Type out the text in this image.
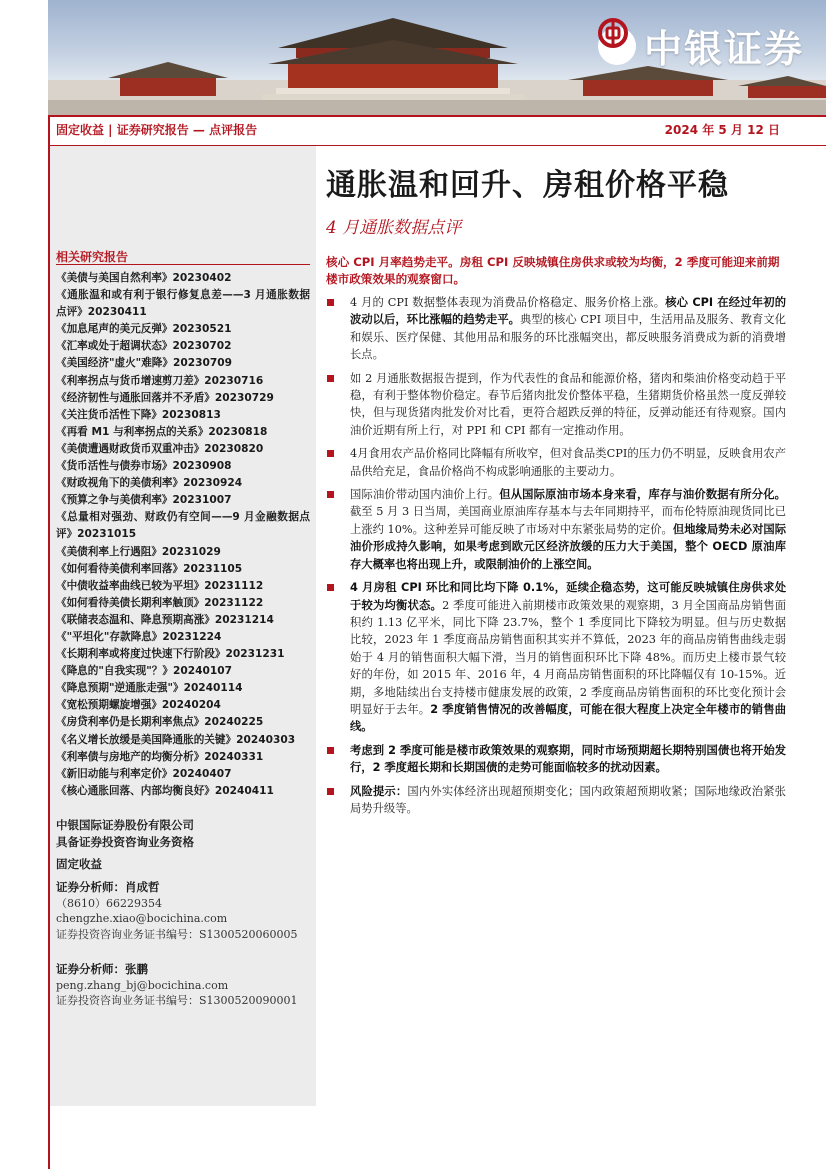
中银证券
固定收益 | 证券研究报告 — 点评报告	2024 年 5 月 12 日
相关研究报告
《美债与美国自然利率》20230402
《通胀温和或有利于银行修复息差——3 月通胀数据点评》20230411
《加息尾声的美元反弹》20230521
《汇率或处于超调状态》20230702
《美国经济"虚火"难降》20230709
《利率拐点与货币增速剪刀差》20230716
《经济韧性与通胀回落并不矛盾》20230729
《关注货币活性下降》20230813
《再看 M1 与利率拐点的关系》20230818
《美债遭遇财政货币双重冲击》20230820
《货币活性与债券市场》20230908
《财政视角下的美债利率》20230924
《预算之争与美债利率》20231007
《总量相对强劲、财政仍有空间——9 月金融数据点评》20231015
《美债利率上行遇阻》20231029
《如何看待美债利率回落》20231105
《中债收益率曲线已较为平坦》20231112
《如何看待美债长期利率触顶》20231122
《联储表态温和、降息预期高涨》20231214
《"平坦化"存款降息》20231224
《长期利率或将度过快速下行阶段》20231231
《降息的"自我实现"？》20240107
《降息预期"逆通胀走强"》20240114
《宽松预期螺旋增强》20240204
《房贷利率仍是长期利率焦点》20240225
《名义增长放缓是美国降通胀的关键》20240303
《利率债与房地产的均衡分析》20240331
《新旧动能与利率定价》20240407
《核心通胀回落、内部均衡良好》20240411
中银国际证券股份有限公司
具备证券投资咨询业务资格
固定收益
证券分析师：肖成哲
（8610）66229354
chengzhe.xiao@bocichina.com
证券投资咨询业务证书编号：S1300520060005
证券分析师：张鹏
peng.zhang_bj@bocichina.com
证券投资咨询业务证书编号：S1300520090001
通胀温和回升、房租价格平稳
4 月通胀数据点评
核心 CPI 月率趋势走平。房租 CPI 反映城镇住房供求或较为均衡，2 季度可能迎来前期楼市政策效果的观察窗口。
4 月的 CPI 数据整体表现为消费品价格稳定、服务价格上涨。核心 CPI 在经过年初的波动以后，环比涨幅的趋势走平。典型的核心 CPI 项目中，生活用品及服务、教育文化和娱乐、医疗保健、其他用品和服务的环比涨幅突出，都反映服务消费成为新的消费增长点。
如 2 月通胀数据报告提到，作为代表性的食品和能源价格，猪肉和柴油价格变动趋于平稳，有利于整体物价稳定。春节后猪肉批发价整体平稳，生猪期货价格虽然一度反弹较快，但与现货猪肉批发价对比看，更符合超跌反弹的特征，反弹动能还有待观察。国内油价近期有所上行，对 PPI 和 CPI 都有一定推动作用。
4月食用农产品价格同比降幅有所收窄，但对食品类CPI的压力仍不明显，反映食用农产品供给充足，食品价格尚不构成影响通胀的主要动力。
国际油价带动国内油价上行。但从国际原油市场本身来看，库存与油价数据有所分化。截至 5 月 3 日当周，美国商业原油库存基本与去年同期持平，而布伦特原油现货同比已上涨约 10%。这种差异可能反映了市场对中东紧张局势的定价。但地缘局势未必对国际油价形成持久影响，如果考虑到欧元区经济放缓的压力大于美国，整个 OECD 原油库存大概率也将出现上升，或限制油价的上涨空间。
4 月房租 CPI 环比和同比均下降 0.1%，延续企稳态势，这可能反映城镇住房供求处于较为均衡状态。2 季度可能进入前期楼市政策效果的观察期，3 月全国商品房销售面积约 1.13 亿平米，同比下降 23.7%，整个 1 季度同比下降较为明显。但与历史数据比较，2023 年 1 季度商品房销售面积其实并不算低，2023 年的商品房销售曲线走弱始于 4 月的销售面积大幅下滑，当月的销售面积环比下降 48%。而历史上楼市景气较好的年份，如 2015 年、2016 年，4 月商品房销售面积的环比降幅仅有 10-15%。近期，多地陆续出台支持楼市健康发展的政策，2 季度商品房销售面积的环比变化预计会明显好于去年。2 季度销售情况的改善幅度，可能在很大程度上决定全年楼市的销售曲线。
考虑到 2 季度可能是楼市政策效果的观察期，同时市场预期超长期特别国债也将开始发行，2 季度超长期和长期国债的走势可能面临较多的扰动因素。
风险提示：国内外实体经济出现超预期变化；国内政策超预期收紧；国际地缘政治紧张局势升级等。
